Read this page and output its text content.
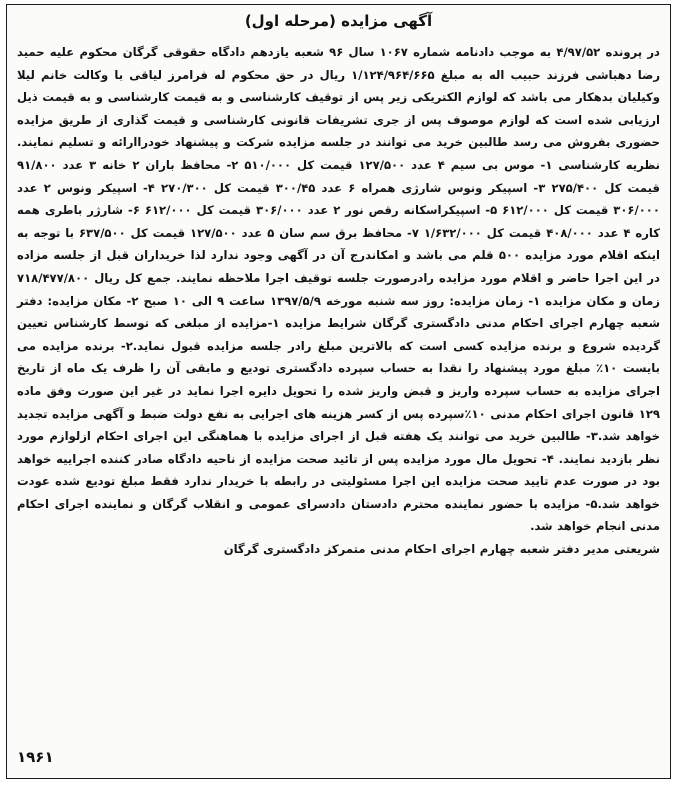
آگهی مزایده (مرحله اول)

در پرونده ۴/۹۷/۵۲ به موجب دادنامه شماره ۱۰۶۷ سال ۹۶ شعبه یازدهم دادگاه حقوقی گرگان محکوم علیه حمید رضا دهباشی فرزند حبیب اله به مبلغ ۱/۱۲۴/۹۶۴/۶۶۵ ریال در حق محکوم له فرامرز لیاقی با وکالت خانم لیلا وکیلیان بدهکار می باشد که لوازم الکتریکی زیر پس از توقیف کارشناسی و به قیمت کارشناسی و به قیمت ذیل ارزیابی شده است که لوازم موصوف پس از جری تشریفات قانونی کارشناسی و قیمت گذاری از طریق مزایده حضوری بفروش می رسد طالبین خرید می توانند در جلسه مزایده شرکت و پیشنهاد خودراارائه و تسلیم نمایند. نظریه کارشناسی ۱- موس بی سیم ۴ عدد ۱۲۷/۵۰۰ قیمت کل ۵۱۰/۰۰۰ ۲- محافظ باران ۲ خانه ۳ عدد ۹۱/۸۰۰ قیمت کل ۲۷۵/۴۰۰ ۳- اسپیکر ونوس شارژی همراه ۶ عدد ۳۰۰/۴۵ قیمت کل ۲۷۰/۳۰۰ ۴- اسپیکر ونوس ۲ عدد ۳۰۶/۰۰۰ قیمت کل ۶۱۲/۰۰۰ ۵- اسپیکراسکانه رقص نور ۲ عدد ۳۰۶/۰۰۰ قیمت کل ۶۱۲/۰۰۰ ۶- شارژر باطری همه کاره ۴ عدد ۴۰۸/۰۰۰ قیمت کل ۱/۶۳۲/۰۰۰ ۷- محافظ برق سم سان ۵ عدد ۱۲۷/۵۰۰ قیمت کل ۶۳۷/۵۰۰ با توجه به اینکه اقلام مورد مزایده ۵۰۰ قلم می باشد و امکاندرج آن در آگهی وجود ندارد لذا خریداران قبل از جلسه مزاده در این اجرا حاضر و اقلام مورد مزایده رادرصورت جلسه توقیف اجرا ملاحظه نمایند. جمع کل ریال ۷۱۸/۴۷۷/۸۰۰ زمان و مکان مزایده ۱- زمان مزایده: روز سه شنبه مورخه ۱۳۹۷/۵/۹ ساعت ۹ الی ۱۰ صبح ۲- مکان مزایده: دفتر شعبه چهارم اجرای احکام مدنی دادگستری گرگان شرایط مزایده ۱-مزایده از مبلغی که توسط کارشناس تعیین گردیده شروع و برنده مزایده کسی است که بالاترین مبلغ رادر جلسه مزایده قبول نماید.۲- برنده مزایده می بایست ۱۰٪ مبلغ مورد پیشنهاد را نقدا به حساب سپرده دادگستری تودیع و مابقی آن را ظرف یک ماه از تاریخ اجرای مزایده به حساب سپرده واریز و قبض واریز شده را تحویل دایره اجرا نماید در غیر این صورت وفق ماده ۱۲۹ قانون اجرای احکام مدنی ۱۰٪سپرده پس از کسر هزینه های اجرایی به نفع دولت ضبط و آگهی مزایده تجدید خواهد شد.۳- طالبین خرید می توانند یک هفته قبل از اجرای مزایده با هماهنگی این اجرای احکام ازلوازم مورد نظر بازدید نمایند. ۴- تحویل مال مورد مزایده پس از تائید صحت مزایده از ناحیه دادگاه صادر کننده اجراییه خواهد بود در صورت عدم تایید صحت مزایده این اجرا مسئولیتی در رابطه با خریدار ندارد فقط مبلغ تودیع شده عودت خواهد شد.۵- مزایده با حضور نماینده محترم دادستان دادسرای عمومی و انقلاب گرگان و نماینده اجرای احکام مدنی انجام خواهد شد.

شریعتی مدیر دفتر شعبه چهارم اجرای احکام مدنی متمرکز دادگستری گرگان

۱۹۶۱
